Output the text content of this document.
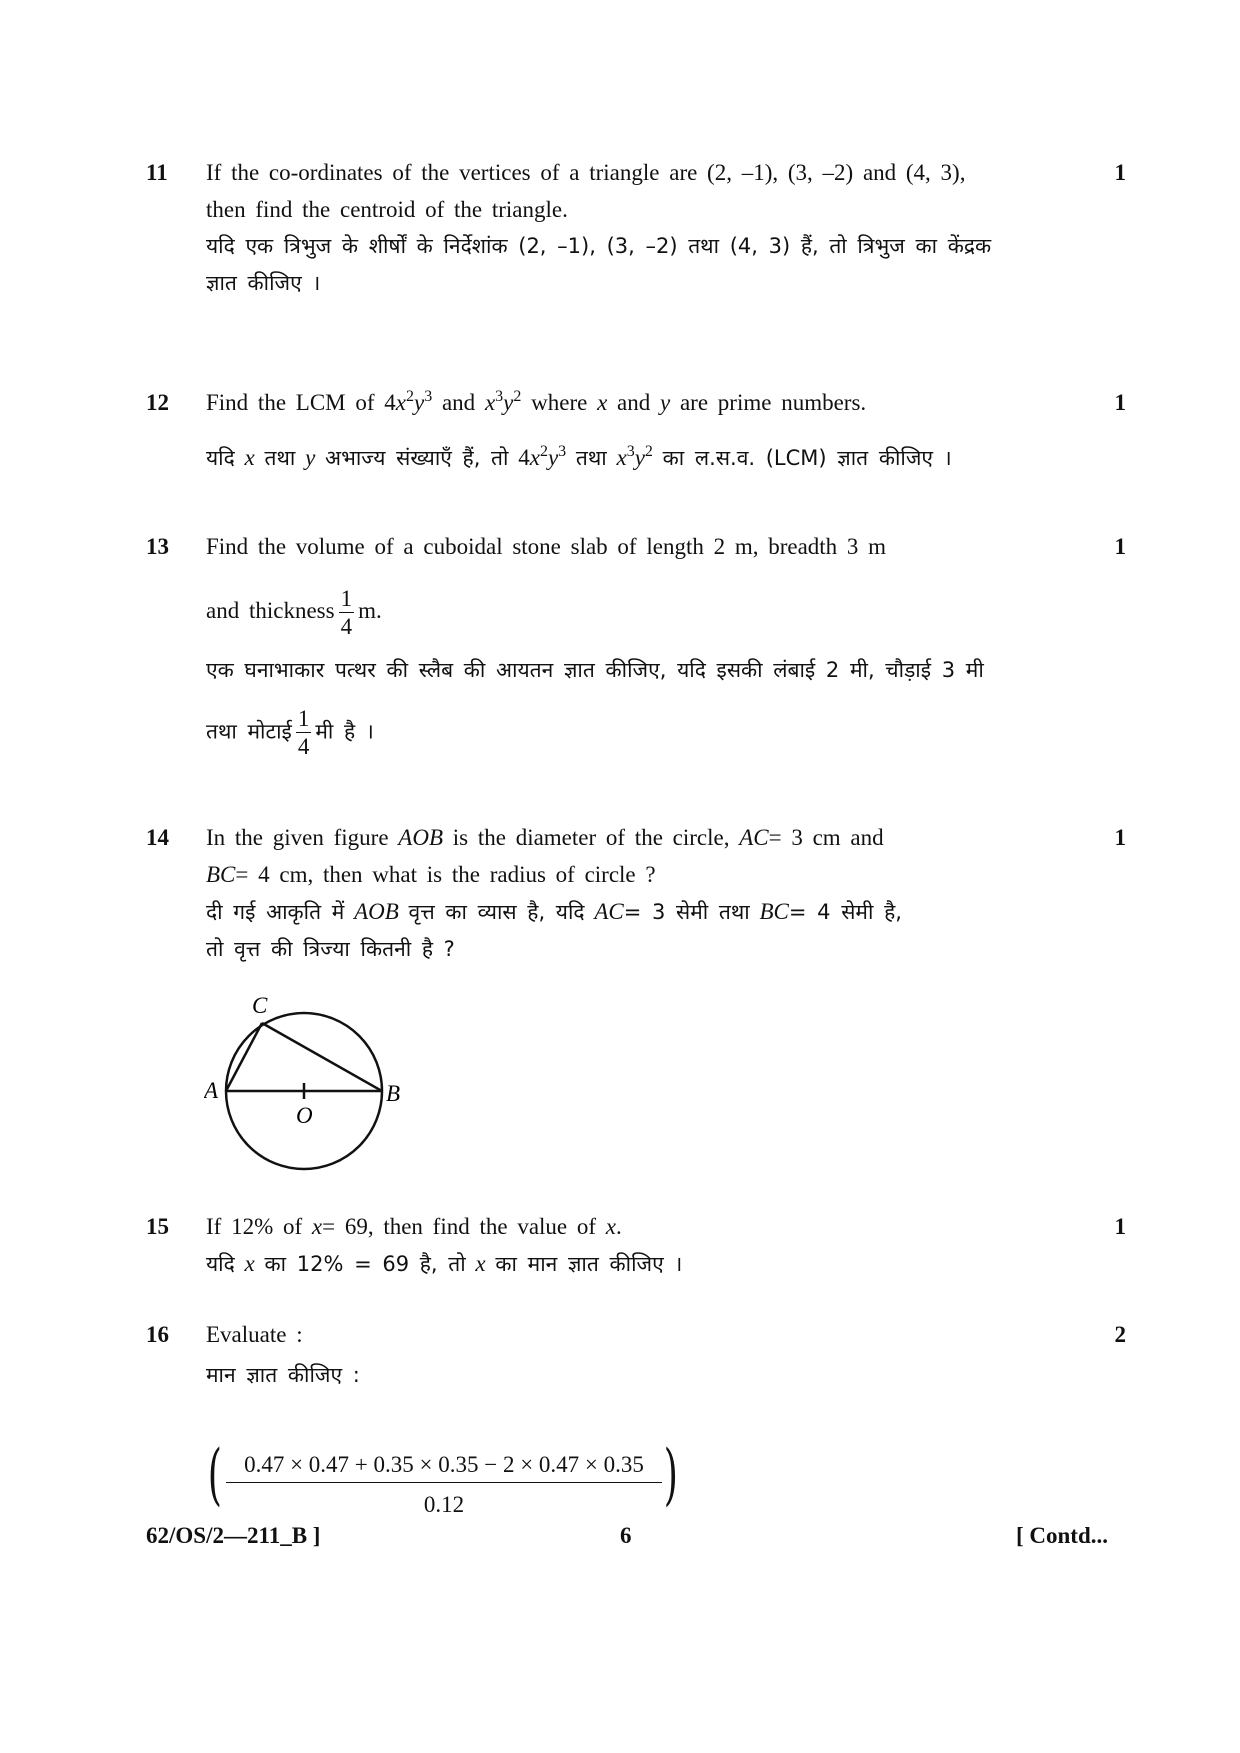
11	1
If the co-ordinates of the vertices of a triangle are (2, –1), (3, –2) and (4, 3),
then find the centroid of the triangle.
यदि एक त्रिभुज के शीर्षों के निर्देशांक (2, –1), (3, –2) तथा (4, 3) हैं, तो त्रिभुज का केंद्रक
ज्ञात कीजिए ।
12	1
Find the LCM of $4x^2y^3$ and $x^3y^2$ where x and y are prime numbers.
यदि x तथा y अभाज्य संख्याएँ हैं, तो $4x^2y^3$ तथा $x^3y^2$ का ल.स.व. (LCM) ज्ञात कीजिए ।
13	1
Find the volume of a cuboidal stone slab of length 2 m, breadth 3 m
and thickness $\frac{1}{4} m$.
एक घनाभाकार पत्थर की स्लैब की आयतन ज्ञात कीजिए, यदि इसकी लंबाई 2 मी, चौड़ाई 3 मी
तथा मोटाई $\frac{1}{4}$ मी है ।
14	1
In the given figure AOB is the diameter of the circle, AC= 3 cm and
BC= 4 cm, then what is the radius of circle ?
दी गई आकृति में AOB वृत्त का व्यास है, यदि AC= 3 सेमी तथा BC= 4 सेमी है,
तो वृत्त की त्रिज्या कितनी है ?
C
A	B
O
15	1
If 12% of x= 69, then find the value of x.
यदि x का 12% = 69 है, तो x का मान ज्ञात कीजिए ।
16	2
Evaluate :
मान ज्ञात कीजिए :
( 0.47 × 0.47 + 0.35 × 0.35 − 2 × 0.47 × 0.35
0.12	)
62/OS/2—211_B ]	6	[ Contd...
